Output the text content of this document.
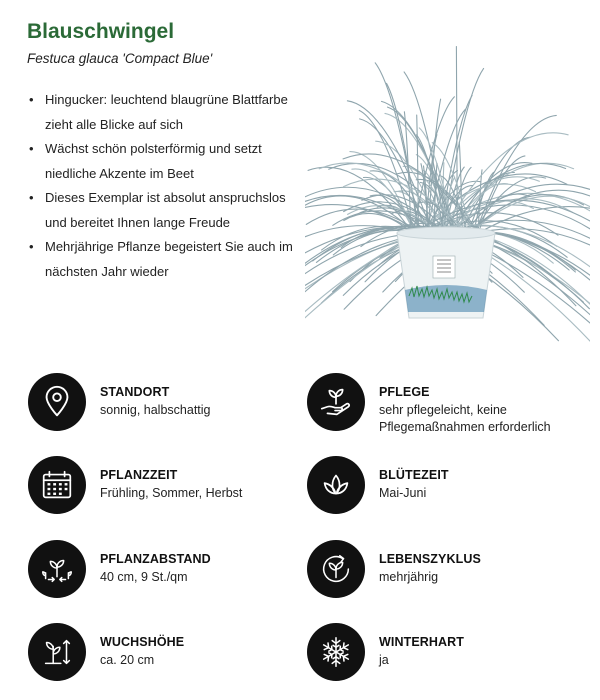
Blauschwingel
Festuca glauca 'Compact Blue'
• Hingucker: leuchtend blaugrüne Blattfarbe zieht alle Blicke auf sich
• Wächst schön polsterförmig und setzt niedliche Akzente im Beet
• Dieses Exemplar ist absolut anspruchslos und bereitet Ihnen lange Freude
• Mehrjährige Pflanze begeistert Sie auch im nächsten Jahr wieder
STANDORT
sonnig, halbschattig
PFLEGE
sehr pflegeleicht, keine Pflegemaßnahmen erforderlich
PFLANZZEIT
Frühling, Sommer, Herbst
BLÜTEZEIT
Mai-Juni
PFLANZABSTAND
40 cm, 9 St./qm
LEBENSZYKLUS
mehrjährig
WUCHSHÖHE
ca. 20 cm
WINTERHART
ja
